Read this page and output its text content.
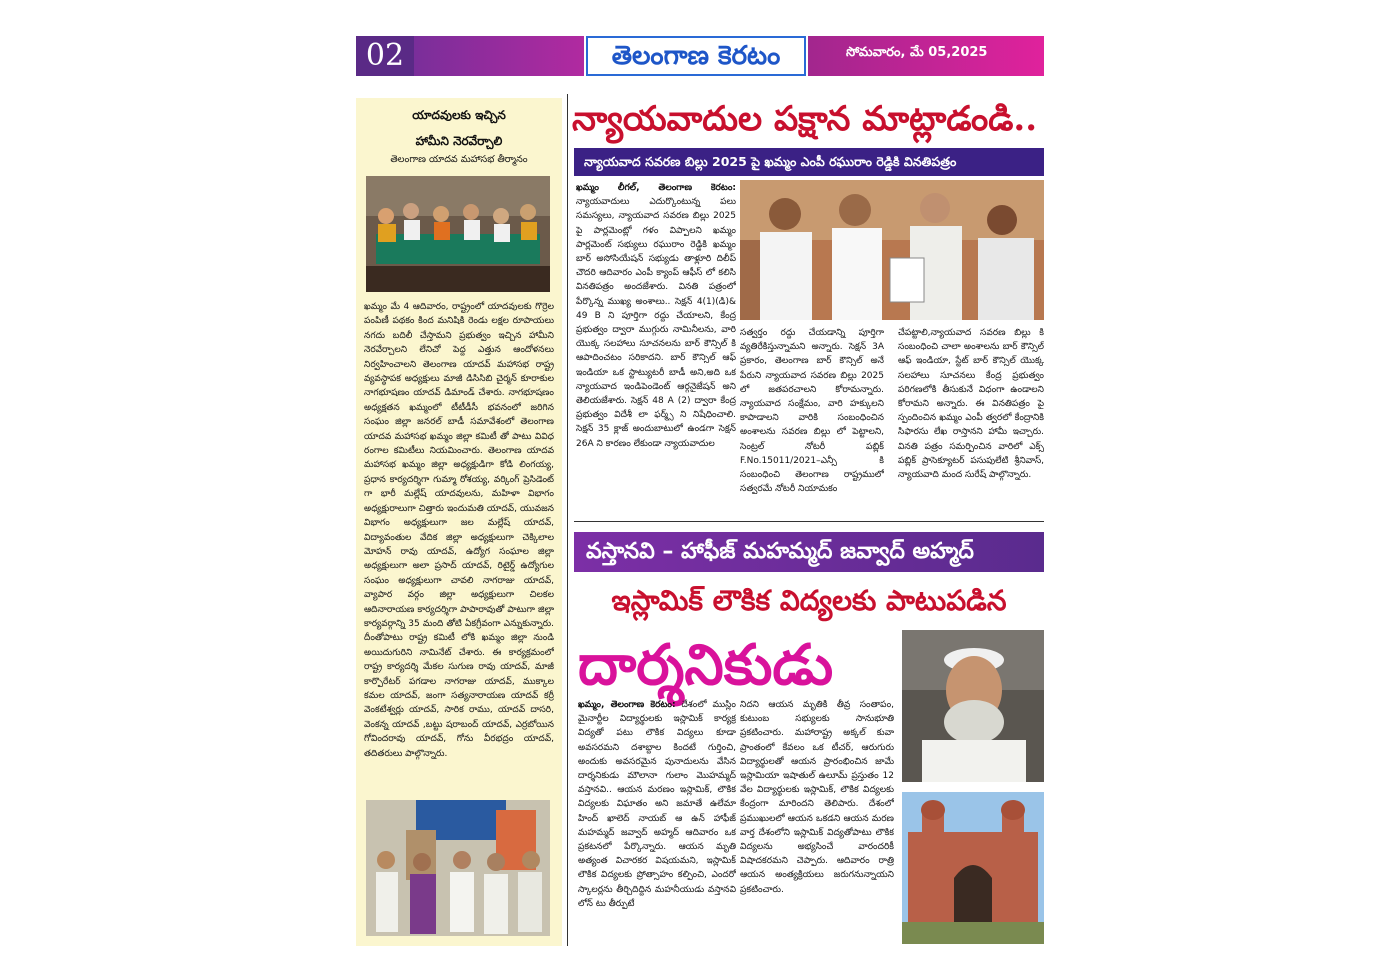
02	తెలంగాణ కెరటం	సోమవారం, మే 05,2025
యాదవులకు ఇచ్చిన
హామీని నెరవేర్చాలి
తెలంగాణ యాదవ మహాసభ తీర్మానం
ఖమ్మం మే 4 ఆదివారం, రాష్ట్రంలో యాదవులకు గొర్రెల పంపిణీ పథకం కింద మనిషికి రెండు లక్షల రూపాయలు నగదు బదిలీ చేస్తామని ప్రభుత్వం ఇచ్చిన హామీని నెరవేర్చాలని లేనిచో పెద్ద ఎత్తున ఆందోళనలు నిర్వహించాలని తెలంగాణ యాదవ్ మహాసభ రాష్ట్ర వ్యవస్థాపక అధ్యక్షులు మాజీ డిసిసిబి చైర్మన్ కూరాకుల నాగభూషణం యాదవ్ డిమాండ్ చేశారు. నాగభూషణం అధ్యక్షతన ఖమ్మంలో టీటీడీసీ భవనంలో జరిగిన సంఘం జిల్లా జనరల్ బాడీ సమావేశంలో తెలంగాణ యాదవ మహాసభ ఖమ్మం జిల్లా కమిటీ తో పాటు వివిధ రంగాల కమిటీలు నియమించారు. తెలంగాణ యాదవ మహాసభ ఖమ్మం జిల్లా అధ్యక్షుడిగా కోడి లింగయ్య, ప్రధాన కార్యదర్శిగా గుమ్మా రోశయ్య, వర్కింగ్ ప్రెసిడెంట్ గా భారీ మల్లేష్ యాదవులను, మహిళా విభాగం అధ్యక్షురాలుగా చిత్తారు ఇందుమతి యాదవ్, యువజన విభాగం అధ్యక్షులుగా జల మల్లేష్ యాదవ్, విద్యావంతుల వేదిక జిల్లా అధ్యక్షులుగా చెక్కిలాల మోహన్ రావు యాదవ్, ఉద్యోగ సంఘాల జిల్లా అధ్యక్షులుగా అలా ప్రసాద్ యాదవ్, రిటైర్డ్ ఉద్యోగుల సంఘం అధ్యక్షులుగా చావలి నాగరాజు యాదవ్, వ్యాపార వర్గం జిల్లా అధ్యక్షులుగా చిలకల ఆదినారాయణ కార్యదర్శిగా పాపారావుతో పాటుగా జిల్లా కార్యవర్గాన్ని 35 మంది తోటి ఏకగ్రీవంగా ఎన్నుకున్నారు. దీంతోపాటు రాష్ట్ర కమిటీ లోకి ఖమ్మం జిల్లా నుండి అయిదుగురిని నామినేట్ చేశారు. ఈ కార్యక్రమంలో రాష్ట్ర కార్యదర్శి మేకల సుగుణ రావు యాదవ్, మాజీ కార్పొరేటర్ పగడాల నాగరాజు యాదవ్, ముక్కాల కమల యాదవ్, జంగా సత్యనారాయణ యాదవ్ కర్రీ వెంకటేశ్వర్లు యాదవ్, సారిక రాము, యాదవ్ దాసరి, వెంకన్న యాదవ్ ,బట్టు షరాబంద్ యాదవ్, ఎర్రబోయిన గోవిందరావు యాదవ్, గోను వీరభద్రం యాదవ్, తదితరులు పాల్గొన్నారు.
న్యాయవాదుల పక్షాన మాట్లాడండి..
న్యాయవాద సవరణ బిల్లు 2025 పై ఖమ్మం ఎంపీ రఘురాం రెడ్డికి వినతిపత్రం
ఖమ్మం లీగల్, తెలంగాణ కెరటం: న్యాయవాదులు ఎదుర్కొంటున్న పలు సమస్యలు, న్యాయవాద సవరణ బిల్లు 2025 పై పార్లమెంట్లో గళం విప్పాలని ఖమ్మం పార్లమెంట్ సభ్యులు రఘురాం రెడ్డికి ఖమ్మం బార్ అసోసియేషన్ సభ్యుడు తాళ్లూరి దిలీప్ చౌదరి ఆదివారం ఎంపీ క్యాంప్ ఆఫీస్ లో కలిసి వినతిపత్రం అందజేశారు. వినతి పత్రంలో పేర్కొన్న ముఖ్య అంశాలు.. సెక్షన్ 4(1)(డి)& 49 B ని పూర్తిగా రద్దు చేయాలని, కేంద్ర ప్రభుత్వం ద్వారా ముగ్గురు నామినీలను, వారి యొక్క సలహాలు సూచనలను బార్ కౌన్సిల్ కి ఆపాదించటం సరికాదని. బార్ కౌన్సిల్ ఆఫ్ ఇండియా ఒక స్టాట్యుటరీ బాడీ అని,అది ఒక న్యాయవాద ఇండిపెండెంట్ ఆర్గనైజేషన్ అని తెలియజేశారు. సెక్షన్ 48 A (2) ద్వారా కేంద్ర ప్రభుత్వం విదేశీ లా ఫర్మ్స్ ని నిషేధించాలి. సెక్షన్ 35 క్లాజ్ అందుబాటులో ఉండగా సెక్షన్ 26A ని కారణం లేకుండా న్యాయవాదుల
సత్వర్తం రద్దు చేయడాన్ని పూర్తిగా వ్యతిరేకిస్తున్నామని అన్నారు. సెక్షన్ 3A ప్రకారం, తెలంగాణ బార్ కౌన్సిల్ అనే పేరుని న్యాయవాద సవరణ బిల్లు 2025 లో జతపరచాలని కోరామన్నారు. న్యాయవాద సంక్షేమం, వారి హక్కులని కాపాడాలని వారికి సంబంధించిన అంశాలను సవరణ బిల్లు లో పెట్టాలని, సెంట్రల్ నోటరీ పబ్లిక్ F.No.15011/2021–ఎన్సీ కి సంబంధించి తెలంగాణ రాష్ట్రములో సత్వరమే నోటరీ నియామకం
చేపట్టాలి,న్యాయవాద సవరణ బిల్లు కి సంబంధించి చాలా అంశాలను బార్ కౌన్సిల్ ఆఫ్ ఇండియా, స్టేట్ బార్ కౌన్సిల్ యొక్క సలహాలు సూచనలు కేంద్ర ప్రభుత్వం పరిగణలోకి తీసుకునే విధంగా ఉండాలని కోరామని అన్నారు. ఈ వినతిపత్రం పై స్పందించిన ఖమ్మం ఎంపీ త్వరలో కేంద్రానికి సిఫారసు లేఖ రాస్తానని హామీ ఇచ్చారు. వినతి పత్రం సమర్పించిన వారిలో ఎక్స్ పబ్లిక్ ప్రాసెక్యూటర్ పసుపులేటి శ్రీనివాస్, న్యాయవాది మంద సురేష్ పాల్గొన్నారు.
వస్తానవి – హాఫీజ్ మహమ్మద్ జవ్వాద్ అహ్మద్
ఇస్లామిక్ లౌకిక విద్యలకు పాటుపడిన
దార్శనికుడు
ఖమ్మం, తెలంగాణ కెరటం: దేశంలో ముస్లిం మైనార్టీల విద్యార్థులకు ఇస్లామిక్ కార్యక్ర విద్యతో పటు లౌకిక విద్యలు కూడా అవసరమని దశాబ్దాల కిందటే గుర్తించి, అందుకు అవసరమైన పునాదులను వేసిన దార్శనికుడు మౌలానా గులాం మొహమ్మద్ వస్తానవి.. ఆయన మరణం ఇస్లామిక్, లౌకిక విద్యలకు విఘాతం అని జమాతే ఉలేమా హింద్ ఖాలెద్ నాయబ్ ఆ ఉన్ హాఫీజ్ మహమ్మద్ జవ్వాద్ అహ్మద్ ఆదివారం ఒక ప్రకటనలో పేర్కొన్నారు. ఆయన మృతి అత్యంత విచారకర విషయమని, ఇస్లామిక్ లౌకిక విద్యలకు ప్రోత్సాహం కల్పించి, ఎందరో స్కాలర్లను తీర్చిదిద్దిన మహనీయుడు వస్తానవి లోన్ టు తీర్పుటే
నిదని ఆయన మృతికి తీవ్ర సంతాపం, కుటుంబ సభ్యులకు సానుభూతి ప్రకటించారు. మహారాష్ట్ర అక్కల్ కువా ప్రాంతంలో కేవలం ఒక టీచర్, ఆరుగురు విద్యార్థులతో ఆయన ప్రారంభించిన జామే ఇస్లామియా ఇషాతుల్ ఉలూమ్ ప్రస్తుతం 12 వేల విద్యార్థులకు ఇస్లామిక్, లౌకిక విద్యలకు కేంద్రంగా మారిందని తెలిపారు. దేశంలో ప్రముఖులలో ఆయన ఒకడని ఆయన మరణ వార్త దేశంలోని ఇస్లామిక్ విద్యతోపాటు లౌకిక విద్యలను అభ్యసించే వారందరికీ విషాదకరమని చెప్పారు. ఆదివారం రాత్రి ఆయన అంత్యక్రియలు జరుగనున్నాయని ప్రకటించారు.
